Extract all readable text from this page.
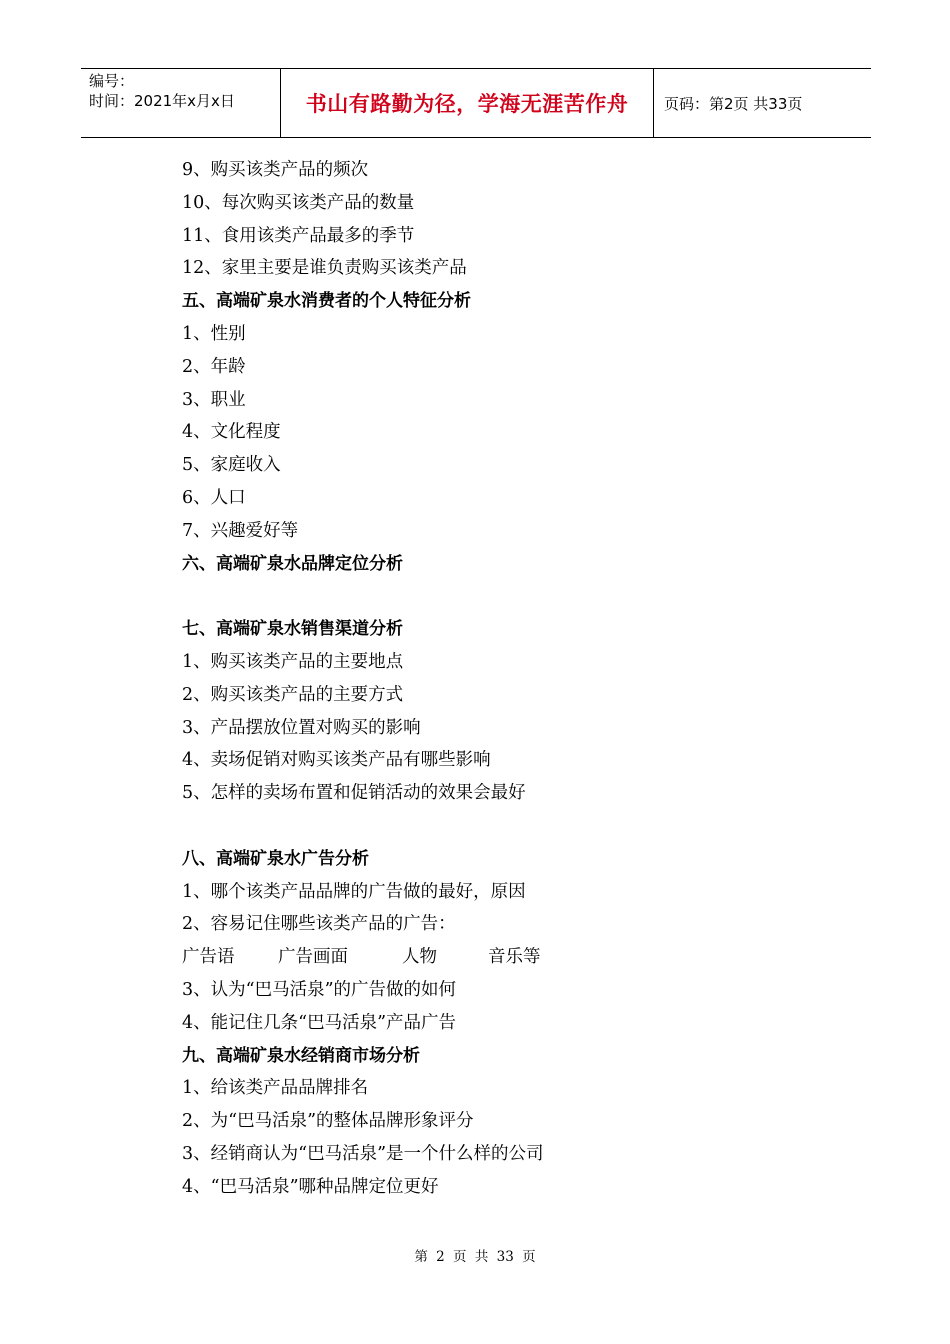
编号：
时间：2021年x月x日	书山有路勤为径，学海无涯苦作舟	页码：第2页 共33页
9、购买该类产品的频次
10、每次购买该类产品的数量
11、食用该类产品最多的季节
12、家里主要是谁负责购买该类产品
五、高端矿泉水消费者的个人特征分析
1、性别
2、年龄
3、职业
4、文化程度
5、家庭收入
6、人口
7、兴趣爱好等
六、高端矿泉水品牌定位分析
七、高端矿泉水销售渠道分析
1、购买该类产品的主要地点
2、购买该类产品的主要方式
3、产品摆放位置对购买的影响
4、卖场促销对购买该类产品有哪些影响
5、怎样的卖场布置和促销活动的效果会最好
八、高端矿泉水广告分析
1、哪个该类产品品牌的广告做的最好，原因
2、容易记住哪些该类产品的广告：
广告语 广告画面	人物	音乐等
3、认为“巴马活泉”的广告做的如何
4、能记住几条“巴马活泉”产品广告
九、高端矿泉水经销商市场分析
1、给该类产品品牌排名
2、为“巴马活泉”的整体品牌形象评分
3、经销商认为“巴马活泉”是一个什么样的公司
4、“巴马活泉”哪种品牌定位更好
第 2 页 共 33 页
